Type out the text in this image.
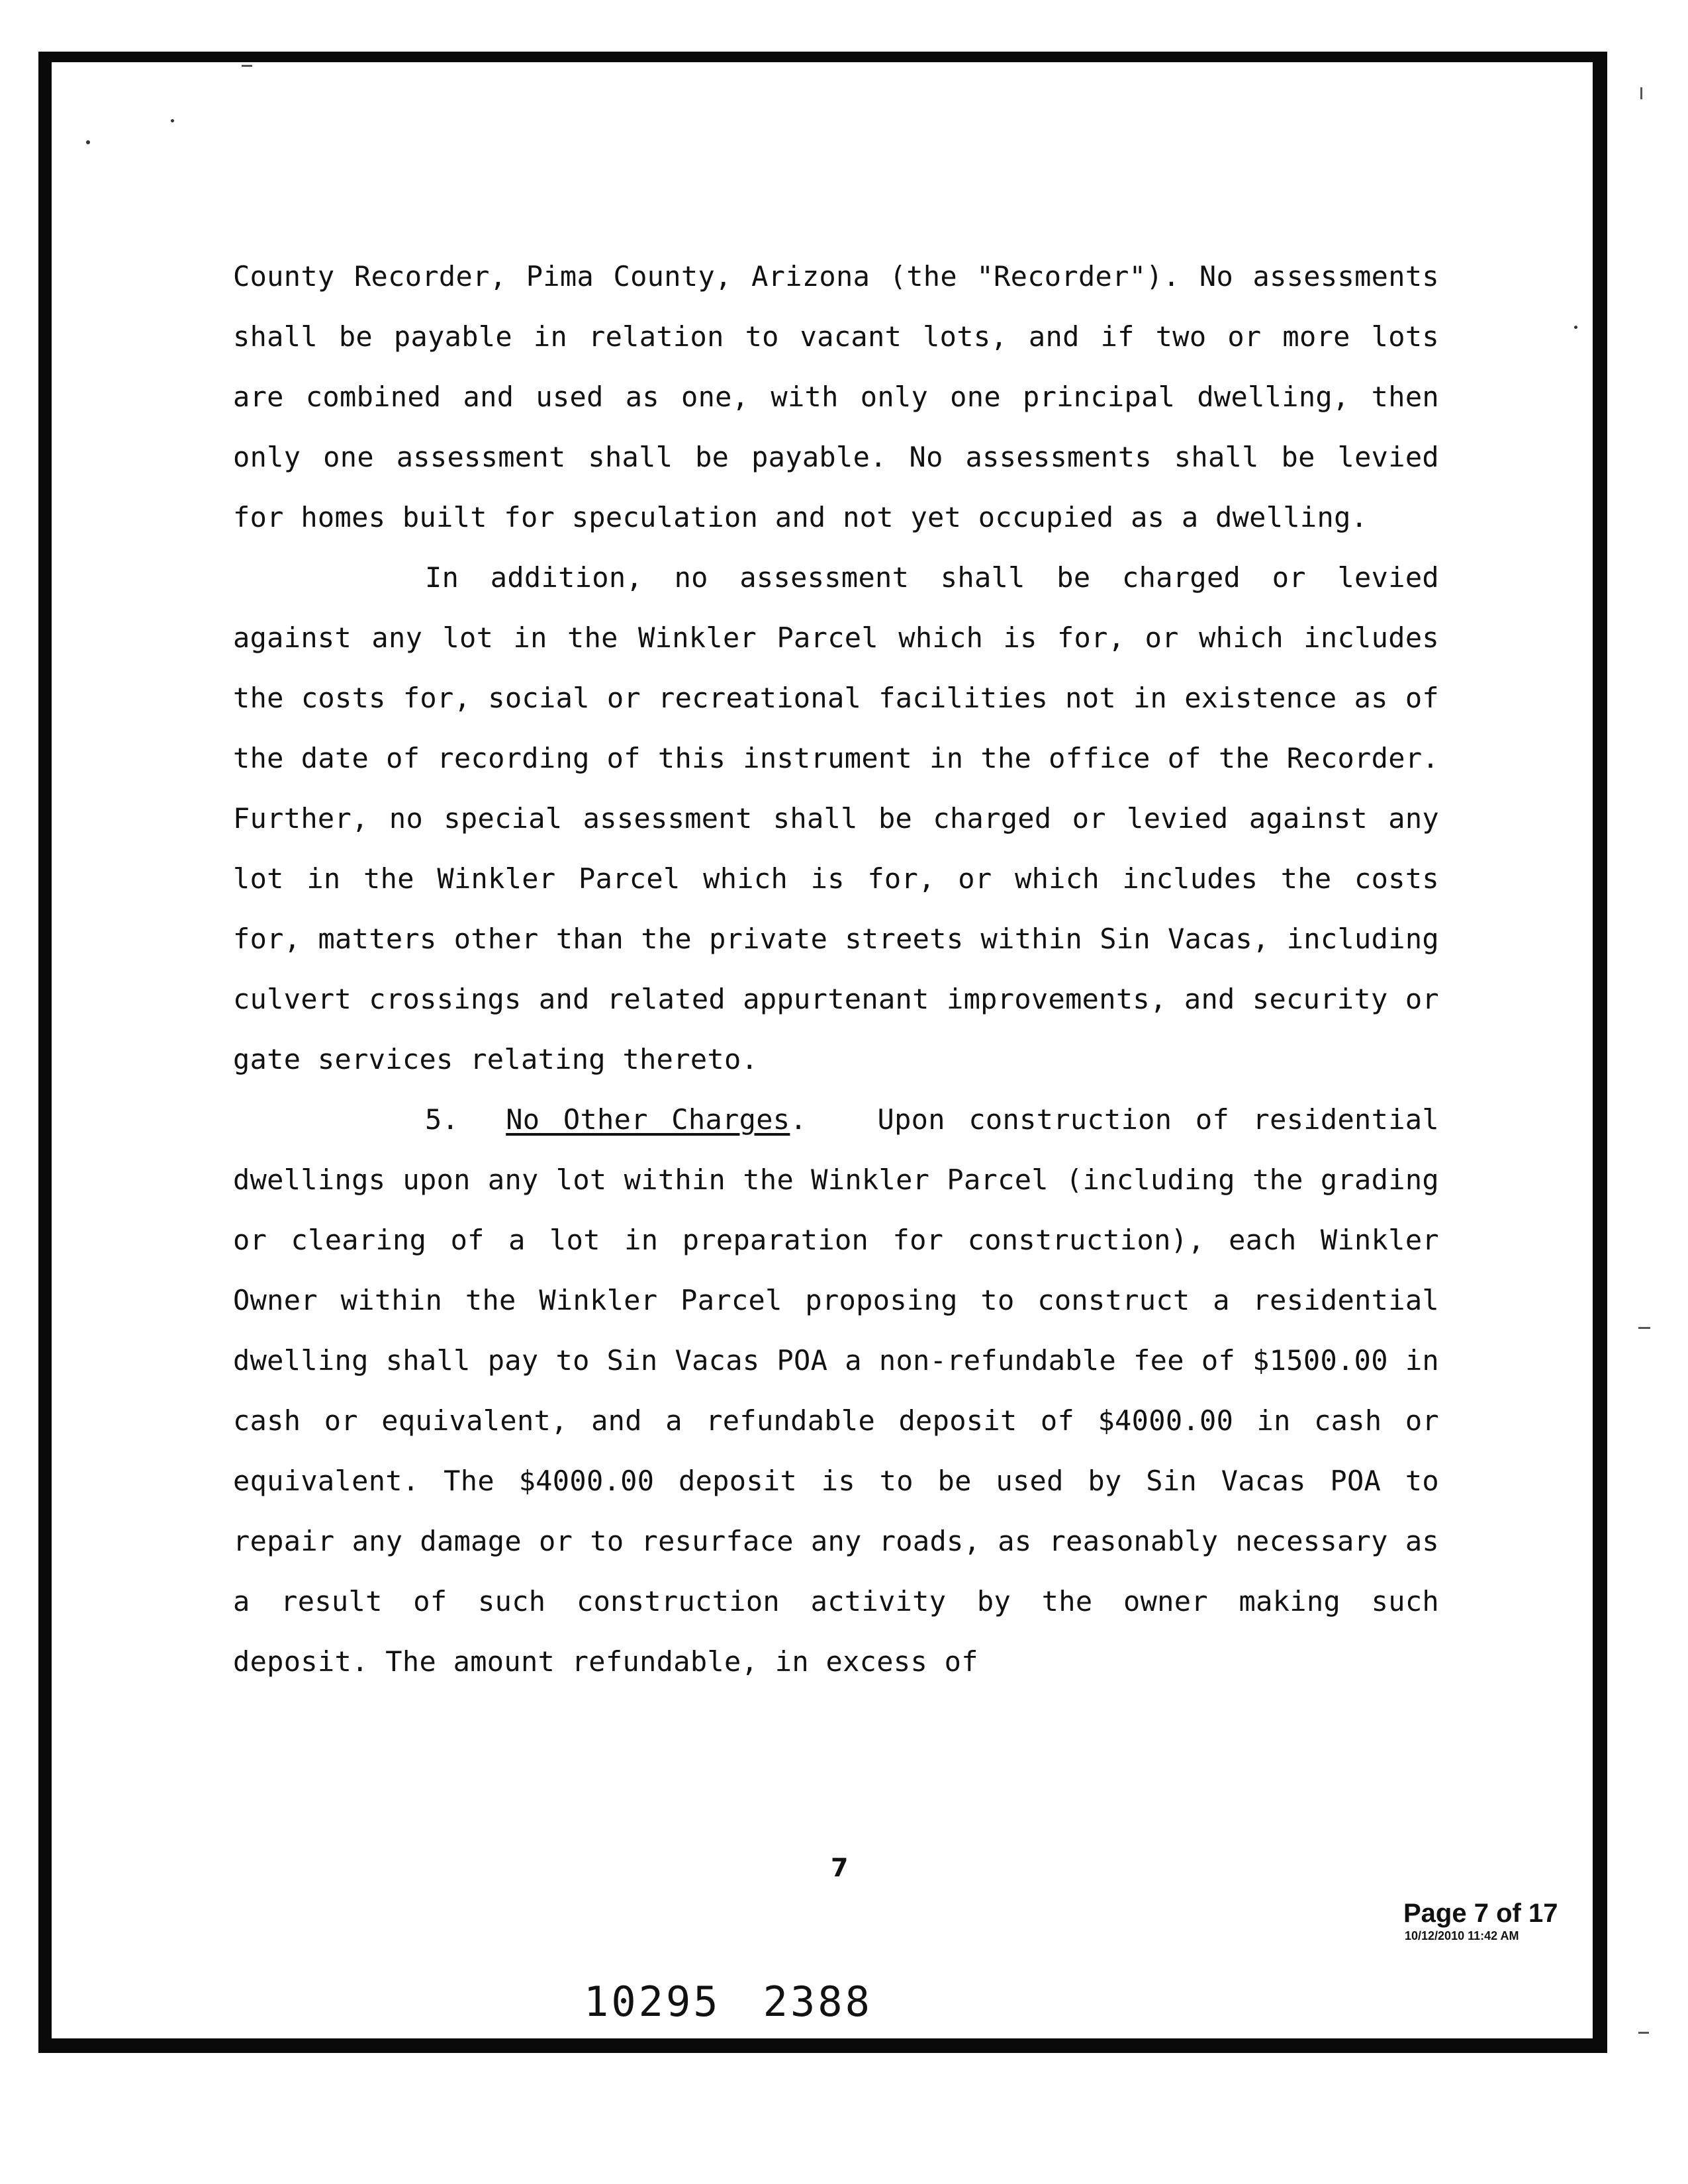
County Recorder, Pima County, Arizona (the "Recorder"). No assessments shall be payable in relation to vacant lots, and if two or more lots are combined and used as one, with only one principal dwelling, then only one assessment shall be payable. No assessments shall be levied for homes built for speculation and not yet occupied as a dwelling.

In addition, no assessment shall be charged or levied against any lot in the Winkler Parcel which is for, or which includes the costs for, social or recreational facilities not in existence as of the date of recording of this instrument in the office of the Recorder. Further, no special assessment shall be charged or levied against any lot in the Winkler Parcel which is for, or which includes the costs for, matters other than the private streets within Sin Vacas, including culvert crossings and related appurtenant improvements, and security or gate services relating thereto.

5. No Other Charges.	Upon construction of residential dwellings upon any lot within the Winkler Parcel (including the grading or clearing of a lot in preparation for construction), each Winkler Owner within the Winkler Parcel proposing to construct a residential dwelling shall pay to Sin Vacas POA a non-refundable fee of $1500.00 in cash or equivalent, and a refundable deposit of $4000.00 in cash or equivalent. The $4000.00 deposit is to be used by Sin Vacas POA to repair any damage or to resurface any roads, as reasonably necessary as a result of such construction activity by the owner making such deposit. The amount refundable, in excess of

7
Page 7 of 17
10/12/2010 11:42 AM
10295 2388
